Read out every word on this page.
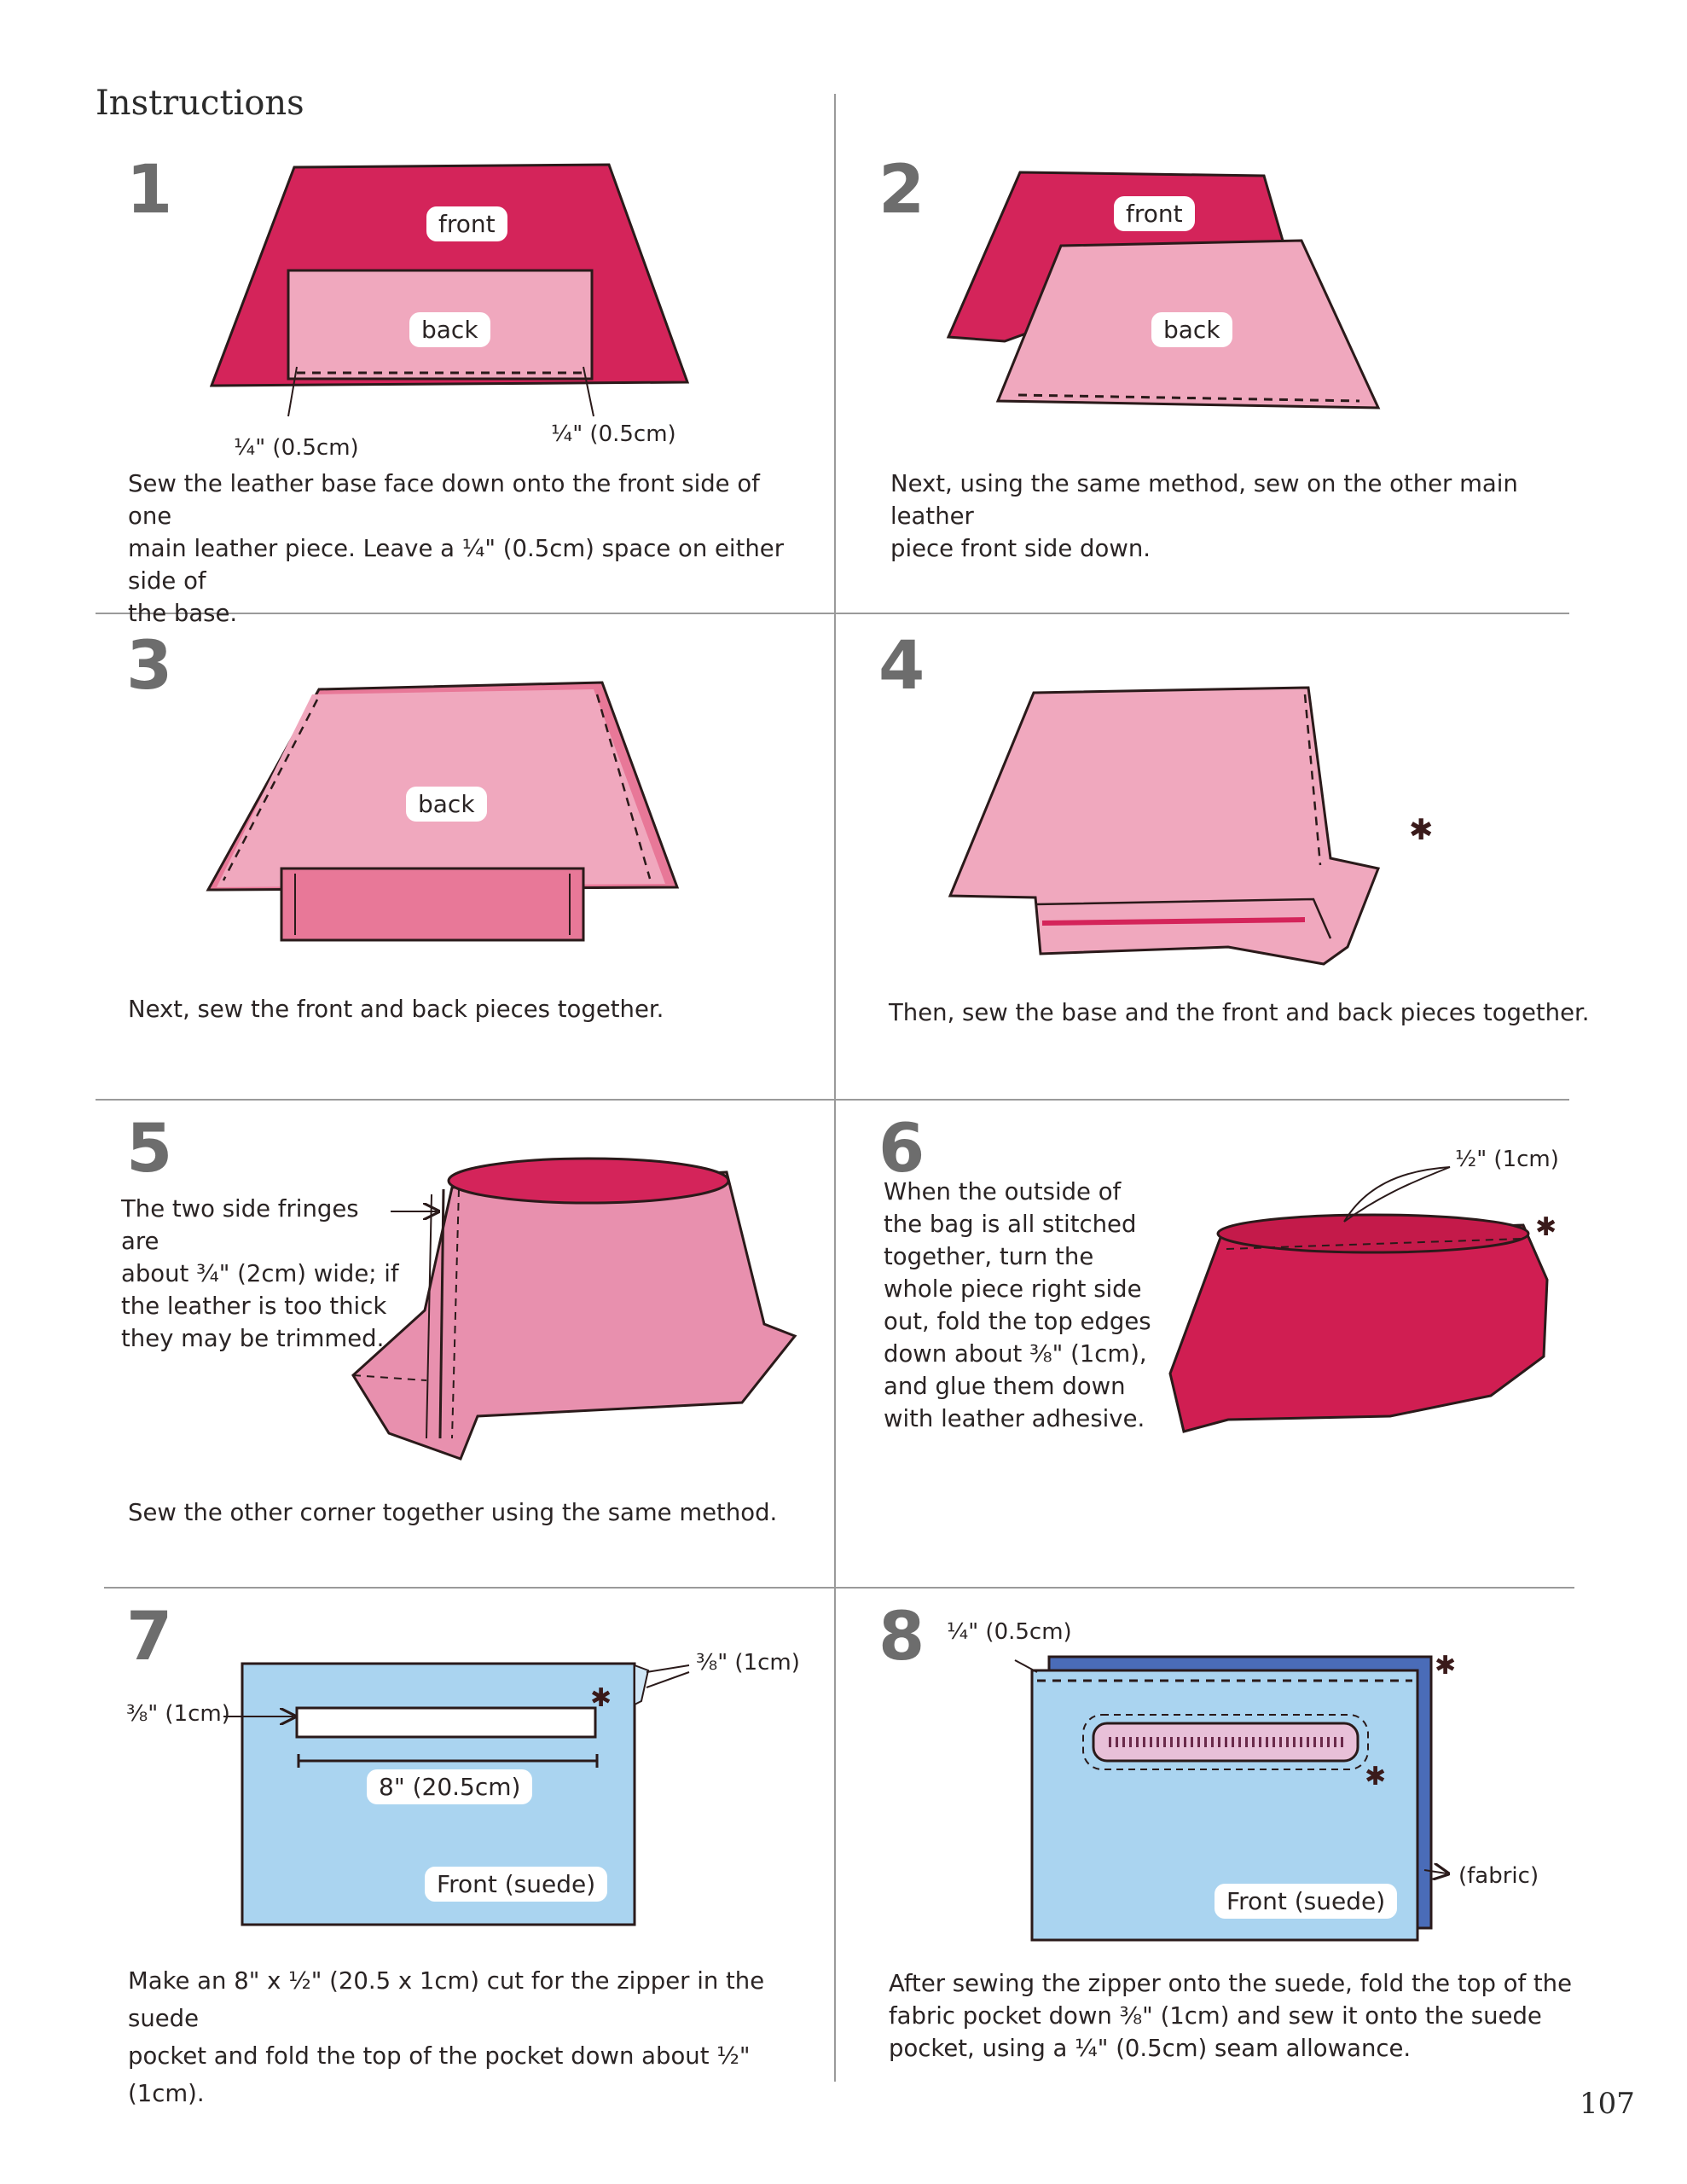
Instructions
✱
✱
✱
✱
✱
1	2
3	4
5	6
7	8
front
back
¼" (0.5cm)
¼" (0.5cm)
Sew the leather base face down onto the front side of one
main leather piece. Leave a ¼" (0.5cm) space on either side of
the base.
front
back
Next, using the same method, sew on the other main leather
piece front side down.
back
Next, sew the front and back pieces together.	Then, sew the base and the front and back pieces together.
The two side fringes are
about ¾" (2cm) wide; if
the leather is too thick
they may be trimmed.
Sew the other corner together using the same method.
When the outside of
the bag is all stitched
together, turn the
whole piece right side
out, fold the top edges
down about ⅜" (1cm),
and glue them down
with leather adhesive.
½" (1cm)
⅜" (1cm)
⅜" (1cm)
8" (20.5cm)
Front (suede)
Make an 8" x ½" (20.5 x 1cm) cut for the zipper in the suede
pocket and fold the top of the pocket down about ½" (1cm).
¼" (0.5cm)
(fabric)
Front (suede)
After sewing the zipper onto the suede, fold the top of the
fabric pocket down ⅜" (1cm) and sew it onto the suede
pocket, using a ¼" (0.5cm) seam allowance.
107
